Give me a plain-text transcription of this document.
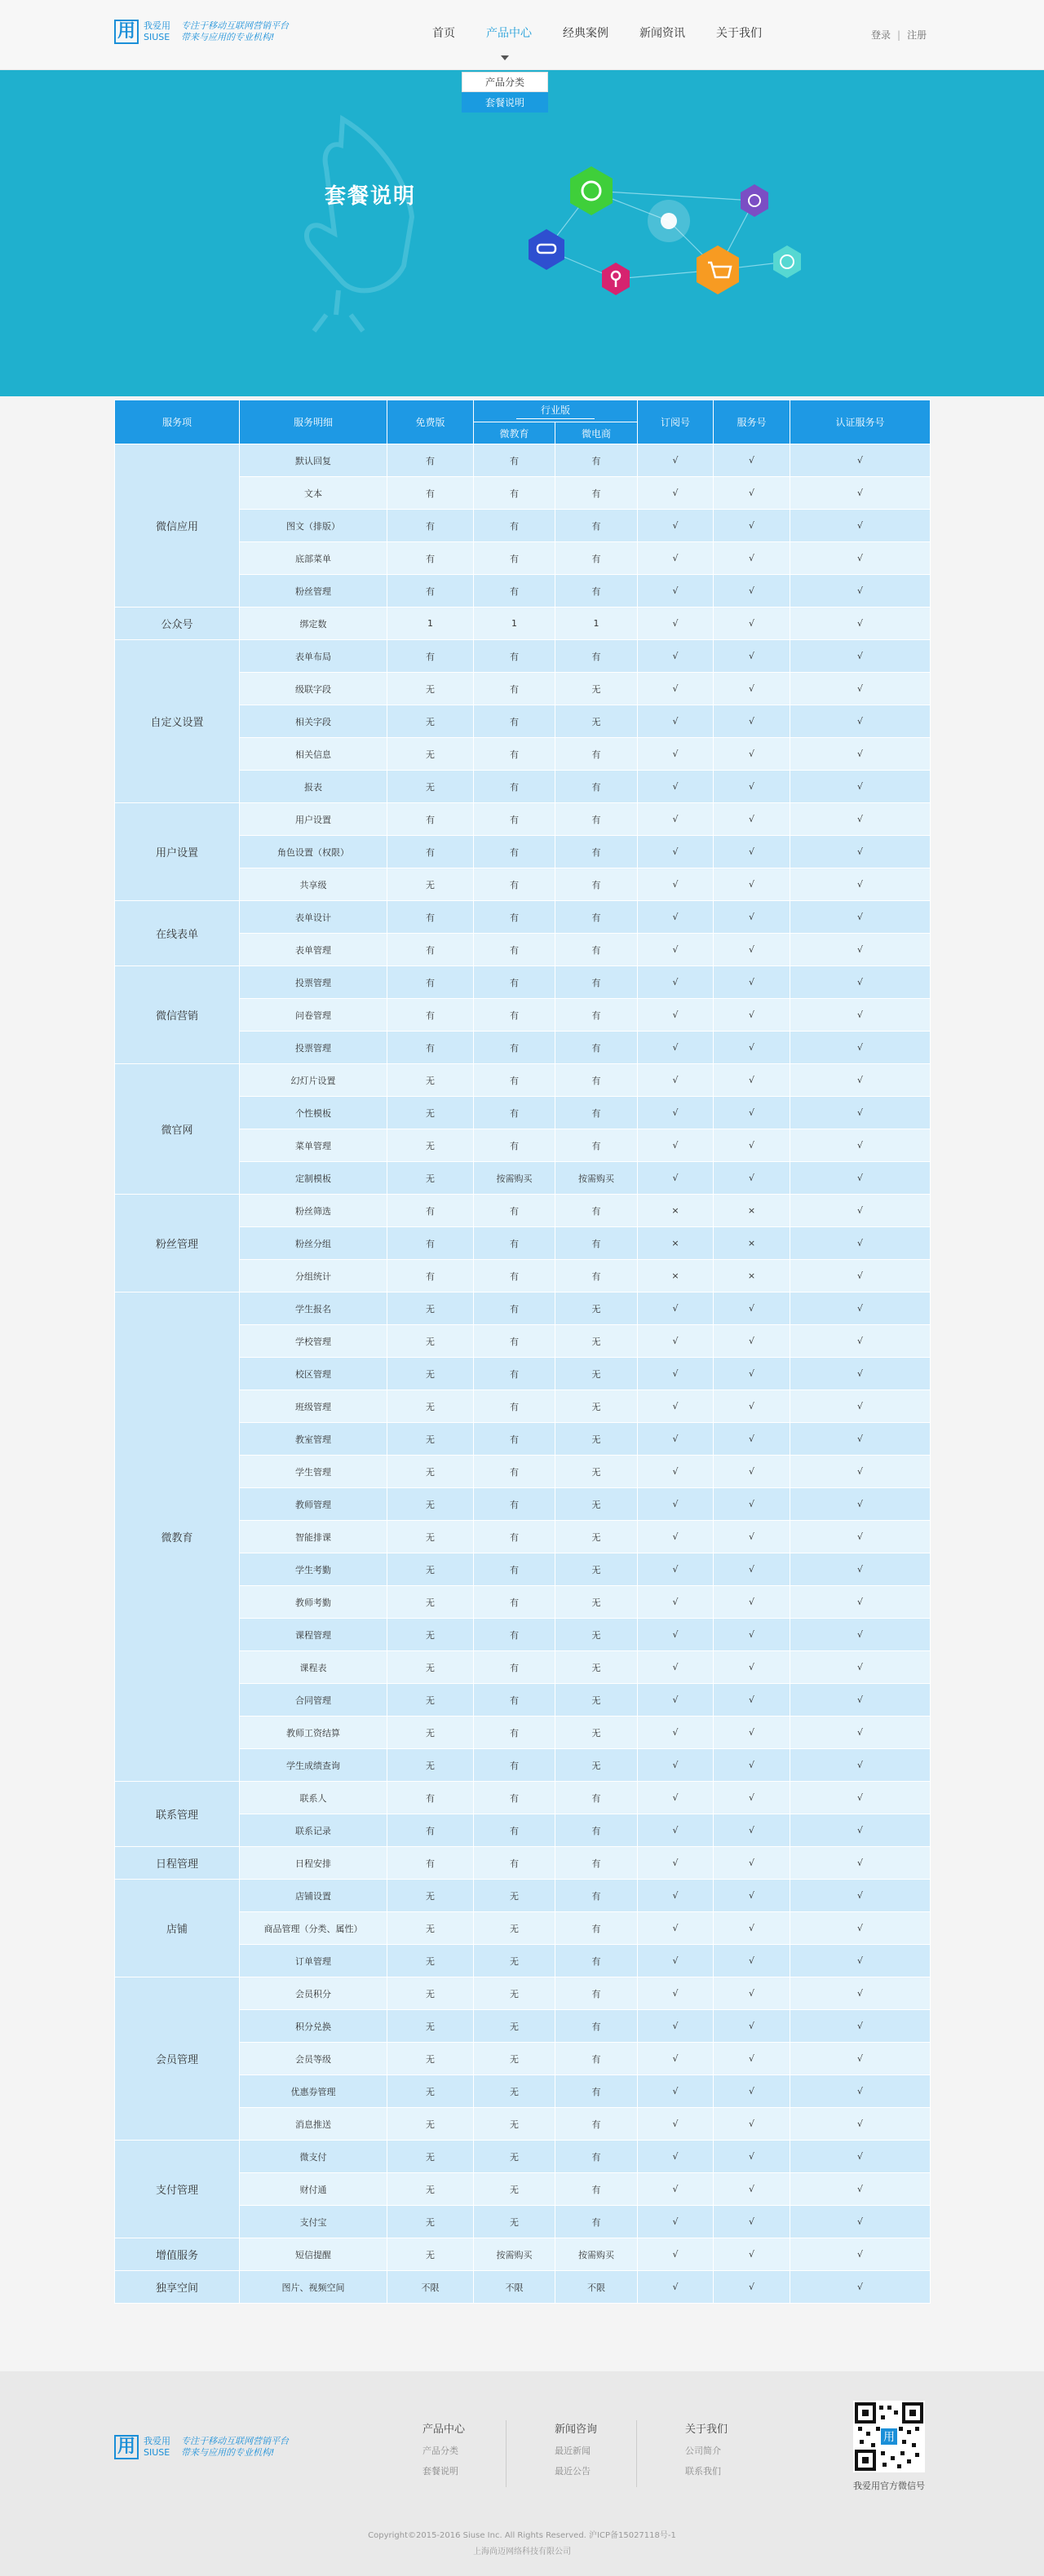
用 我爱用 SIUSE
专注于移动互联网营销平台
带来与应用的专业机构!	首页	产品中心	经典案例	新闻资讯	关于我们	登录 | 注册
产品分类
套餐说明
套餐说明
服务项	服务明细	免费版	行业版		订阅号	服务号	认证服务号
			微教育	微电商			
微信应用	默认回复	有	有	有	√	√	√
	文本	有	有	有	√	√	√
	图文（排版）	有	有	有	√	√	√
	底部菜单	有	有	有	√	√	√
	粉丝管理	有	有	有	√	√	√
公众号	绑定数	1	1	1	√	√	√
自定义设置	表单布局	有	有	有	√	√	√
	级联字段	无	有	无	√	√	√
	相关字段	无	有	无	√	√	√
	相关信息	无	有	有	√	√	√
	报表	无	有	有	√	√	√
用户设置	用户设置	有	有	有	√	√	√
	角色设置（权限）	有	有	有	√	√	√
	共享级	无	有	有	√	√	√
在线表单	表单设计	有	有	有	√	√	√
	表单管理	有	有	有	√	√	√
微信营销	投票管理	有	有	有	√	√	√
	问卷管理	有	有	有	√	√	√
	投票管理	有	有	有	√	√	√
微官网	幻灯片设置	无	有	有	√	√	√
	个性模板	无	有	有	√	√	√
	菜单管理	无	有	有	√	√	√
	定制模板	无	按需购买	按需购买	√	√	√
粉丝管理	粉丝筛选	有	有	有	×	×	√
	粉丝分组	有	有	有	×	×	√
	分组统计	有	有	有	×	×	√
微教育	学生报名	无	有	无	√	√	√
	学校管理	无	有	无	√	√	√
	校区管理	无	有	无	√	√	√
	班级管理	无	有	无	√	√	√
	教室管理	无	有	无	√	√	√
	学生管理	无	有	无	√	√	√
	教师管理	无	有	无	√	√	√
	智能排课	无	有	无	√	√	√
	学生考勤	无	有	无	√	√	√
	教师考勤	无	有	无	√	√	√
	课程管理	无	有	无	√	√	√
	课程表	无	有	无	√	√	√
	合同管理	无	有	无	√	√	√
	教师工资结算	无	有	无	√	√	√
	学生成绩查询	无	有	无	√	√	√
联系管理	联系人	有	有	有	√	√	√
	联系记录	有	有	有	√	√	√
日程管理	日程安排	有	有	有	√	√	√
店铺	店铺设置	无	无	有	√	√	√
	商品管理（分类、属性）	无	无	有	√	√	√
	订单管理	无	无	有	√	√	√
会员管理	会员积分	无	无	有	√	√	√
	积分兑换	无	无	有	√	√	√
	会员等级	无	无	有	√	√	√
	优惠券管理	无	无	有	√	√	√
	消息推送	无	无	有	√	√	√
支付管理	微支付	无	无	有	√	√	√
	财付通	无	无	有	√	√	√
	支付宝	无	无	有	√	√	√
增值服务	短信提醒	无	按需购买	按需购买	√	√	√
独享空间	图片、视频空间	不限	不限	不限	√	√	√
用 我爱用 SIUSE
专注于移动互联网营销平台
带来与应用的专业机构!
产品中心
产品分类
套餐说明
新闻咨询
最近新闻
最近公告
关于我们
公司简介
联系我们
用
我爱用官方微信号
Copyright©2015-2016 Siuse Inc. All Rights Reserved. 沪ICP备15027118号-1
上海尚迈网络科技有限公司
